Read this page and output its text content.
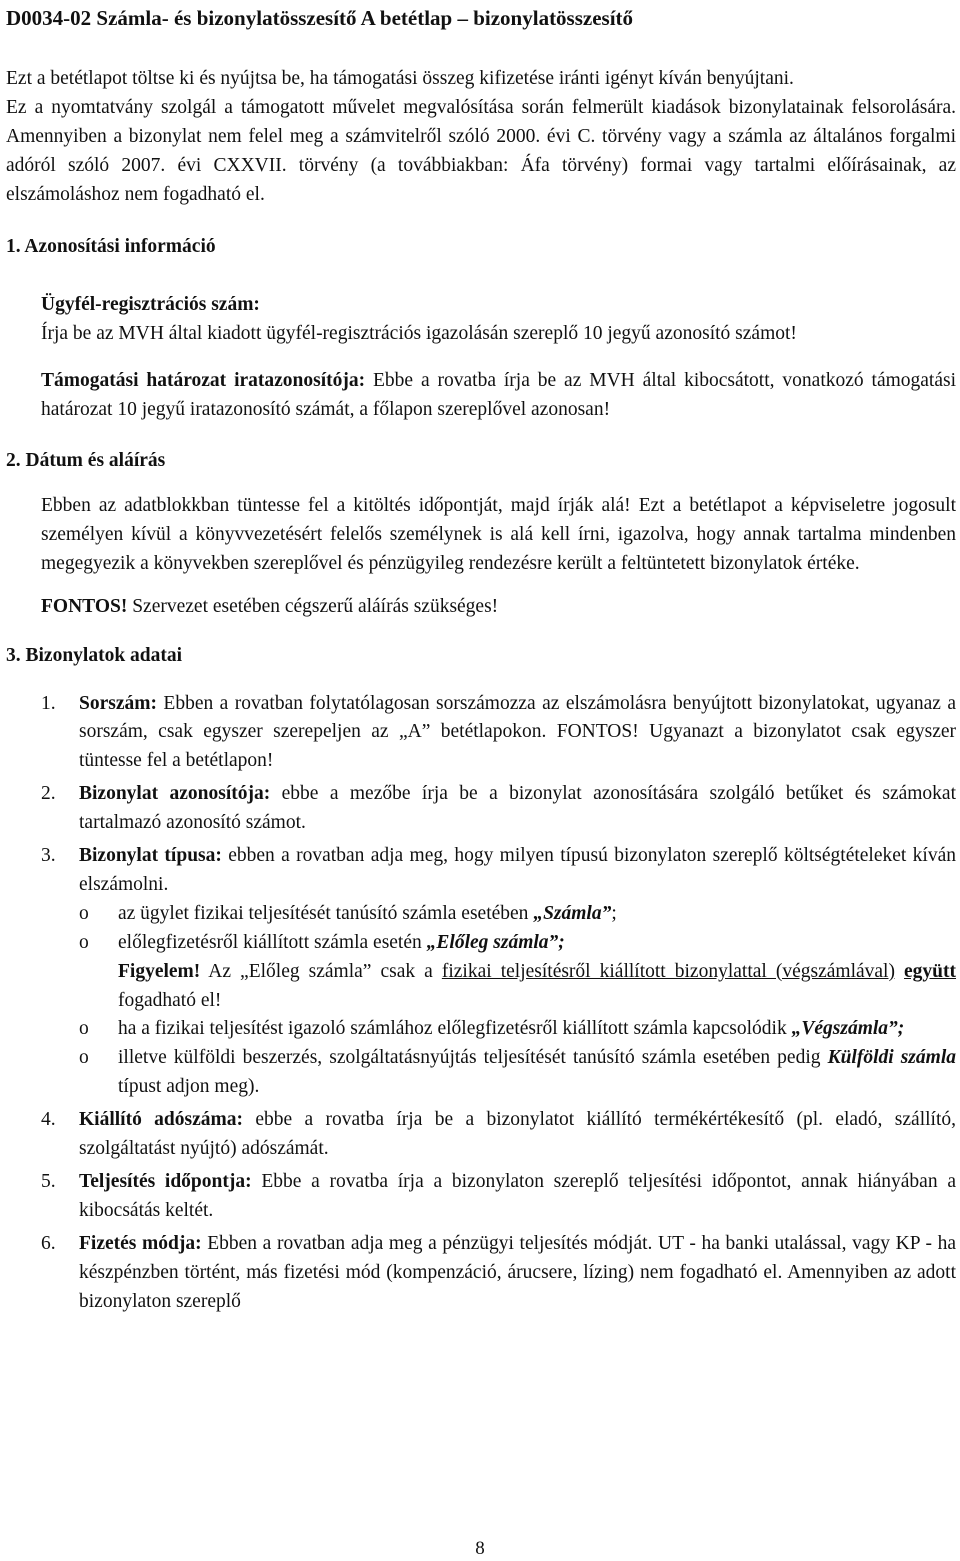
D0034-02 Számla- és bizonylatösszesítő A betétlap – bizonylatösszesítő

Ezt a betétlapot töltse ki és nyújtsa be, ha támogatási összeg kifizetése iránti igényt kíván benyújtani.

Ez a nyomtatvány szolgál a támogatott művelet megvalósítása során felmerült kiadások bizonylatainak felsorolására. Amennyiben a bizonylat nem felel meg a számvitelről szóló 2000. évi C. törvény vagy a számla az általános forgalmi adóról szóló 2007. évi CXXVII. törvény (a továbbiakban: Áfa törvény) formai vagy tartalmi előírásainak, az elszámoláshoz nem fogadható el.

1. Azonosítási információ
Ügyfél-regisztrációs szám:

Írja be az MVH által kiadott ügyfél-regisztrációs igazolásán szereplő 10 jegyű azonosító számot!

Támogatási határozat iratazonosítója: Ebbe a rovatba írja be az MVH által kibocsátott, vonatkozó támogatási határozat 10 jegyű iratazonosító számát, a főlapon szereplővel azonosan!

2. Dátum és aláírás

Ebben az adatblokkban tüntesse fel a kitöltés időpontját, majd írják alá! Ezt a betétlapot a képviseletre jogosult személyen kívül a könyvvezetésért felelős személynek is alá kell írni, igazolva, hogy annak tartalma mindenben megegyezik a könyvekben szereplővel és pénzügyileg rendezésre került a feltüntetett bizonylatok értéke.

FONTOS! Szervezet esetében cégszerű aláírás szükséges!

3. Bizonylatok adatai
1.	Sorszám: Ebben a rovatban folytatólagosan sorszámozza az elszámolásra benyújtott bizonylatokat, ugyanaz a sorszám, csak egyszer szerepeljen az „A” betétlapokon. FONTOS! Ugyanazt a bizonylatot csak egyszer tüntesse fel a betétlapon!
2.	Bizonylat azonosítója: ebbe a mezőbe írja be a bizonylat azonosítására szolgáló betűket és számokat tartalmazó azonosító számot.
3.	Bizonylat típusa: ebben a rovatban adja meg, hogy milyen típusú bizonylaton szereplő költségtételeket kíván elszámolni.
o	az ügylet fizikai teljesítését tanúsító számla esetében „Számla”;
o	előlegfizetésről kiállított számla esetén „Előleg számla”;
Figyelem! Az „Előleg számla” csak a fizikai teljesítésről kiállított bizonylattal (végszámlával) együtt fogadható el!
o	ha a fizikai teljesítést igazoló számlához előlegfizetésről kiállított számla kapcsolódik „Végszámla”;
o	illetve külföldi beszerzés, szolgáltatásnyújtás teljesítését tanúsító számla esetében pedig Külföldi számla típust adjon meg).
4.	Kiállító adószáma: ebbe a rovatba írja be a bizonylatot kiállító termékértékesítő (pl. eladó, szállító, szolgáltatást nyújtó) adószámát.
5.	Teljesítés időpontja: Ebbe a rovatba írja a bizonylaton szereplő teljesítési időpontot, annak hiányában a kibocsátás keltét.
6.	Fizetés módja: Ebben a rovatban adja meg a pénzügyi teljesítés módját. UT - ha banki utalással, vagy KP - ha készpénzben történt, más fizetési mód (kompenzáció, árucsere, lízing) nem fogadható el. Amennyiben az adott bizonylaton szereplő
8
